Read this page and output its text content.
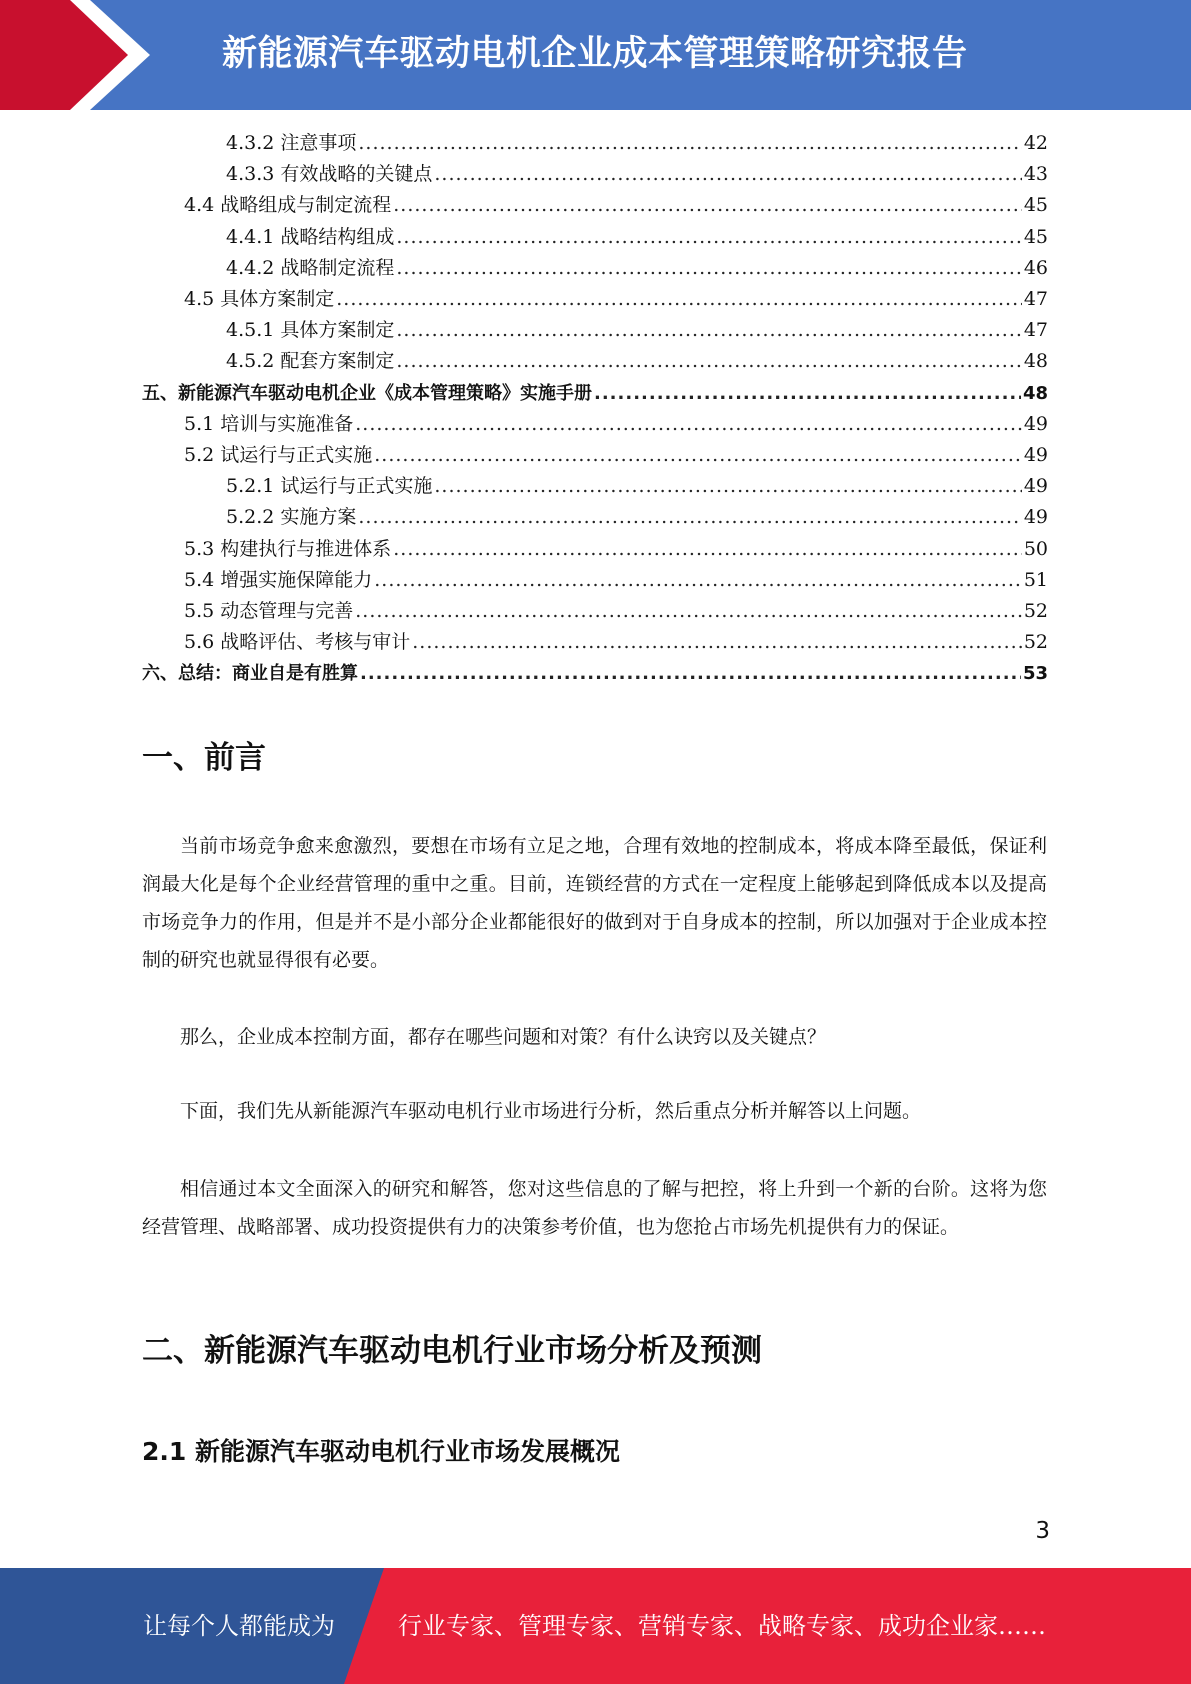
新能源汽车驱动电机企业成本管理策略研究报告
4.3.2 注意事项 .....	42
4.3.3 有效战略的关键点 .....	43
4.4 战略组成与制定流程 .....	45
4.4.1 战略结构组成 .....	45
4.4.2 战略制定流程 .....	46
4.5 具体方案制定 .....	47
4.5.1 具体方案制定 .....	47
4.5.2 配套方案制定 .....	48
五、新能源汽车驱动电机企业《成本管理策略》实施手册 .....	48
5.1 培训与实施准备 .....	49
5.2 试运行与正式实施 .....	49
5.2.1 试运行与正式实施 .....	49
5.2.2 实施方案 .....	49
5.3 构建执行与推进体系 .....	50
5.4 增强实施保障能力 .....	51
5.5 动态管理与完善 .....	52
5.6 战略评估、考核与审计 .....	52
六、总结：商业自是有胜算 .....	53
一、前言
当前市场竞争愈来愈激烈，要想在市场有立足之地，合理有效地的控制成本，将成本降至最低，保证利润最大化是每个企业经营管理的重中之重。目前，连锁经营的方式在一定程度上能够起到降低成本以及提高市场竞争力的作用，但是并不是小部分企业都能很好的做到对于自身成本的控制，所以加强对于企业成本控制的研究也就显得很有必要。
那么，企业成本控制方面，都存在哪些问题和对策？有什么诀窍以及关键点？
下面，我们先从新能源汽车驱动电机行业市场进行分析，然后重点分析并解答以上问题。
相信通过本文全面深入的研究和解答，您对这些信息的了解与把控，将上升到一个新的台阶。这将为您经营管理、战略部署、成功投资提供有力的决策参考价值，也为您抢占市场先机提供有力的保证。
二、新能源汽车驱动电机行业市场分析及预测
2.1 新能源汽车驱动电机行业市场发展概况
3
让每个人都能成为	行业专家、管理专家、营销专家、战略专家、成功企业家……
